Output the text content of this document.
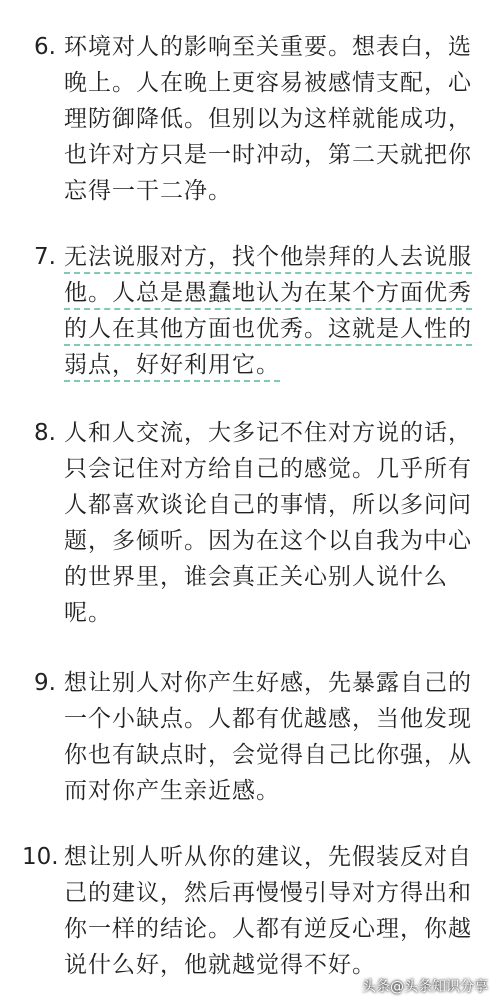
6. 环境对人的影响至关重要。想表白，选
晚上。人在晚上更容易被感情支配，心
理防御降低。但别以为这样就能成功，
也许对方只是一时冲动，第二天就把你
忘得一干二净。
7. 无法说服对方，找个他崇拜的人去说服
他。人总是愚蠢地认为在某个方面优秀
的人在其他方面也优秀。这就是人性的
弱点，好好利用它。
8. 人和人交流，大多记不住对方说的话，
只会记住对方给自己的感觉。几乎所有
人都喜欢谈论自己的事情，所以多问问
题，多倾听。因为在这个以自我为中心
的世界里，谁会真正关心别人说什么
呢。
9. 想让别人对你产生好感，先暴露自己的
一个小缺点。人都有优越感，当他发现
你也有缺点时，会觉得自己比你强，从
而对你产生亲近感。
10. 想让别人听从你的建议，先假装反对自
己的建议，然后再慢慢引导对方得出和
你一样的结论。人都有逆反心理，你越
说什么好，他就越觉得不好。
头条@头条知识分享
